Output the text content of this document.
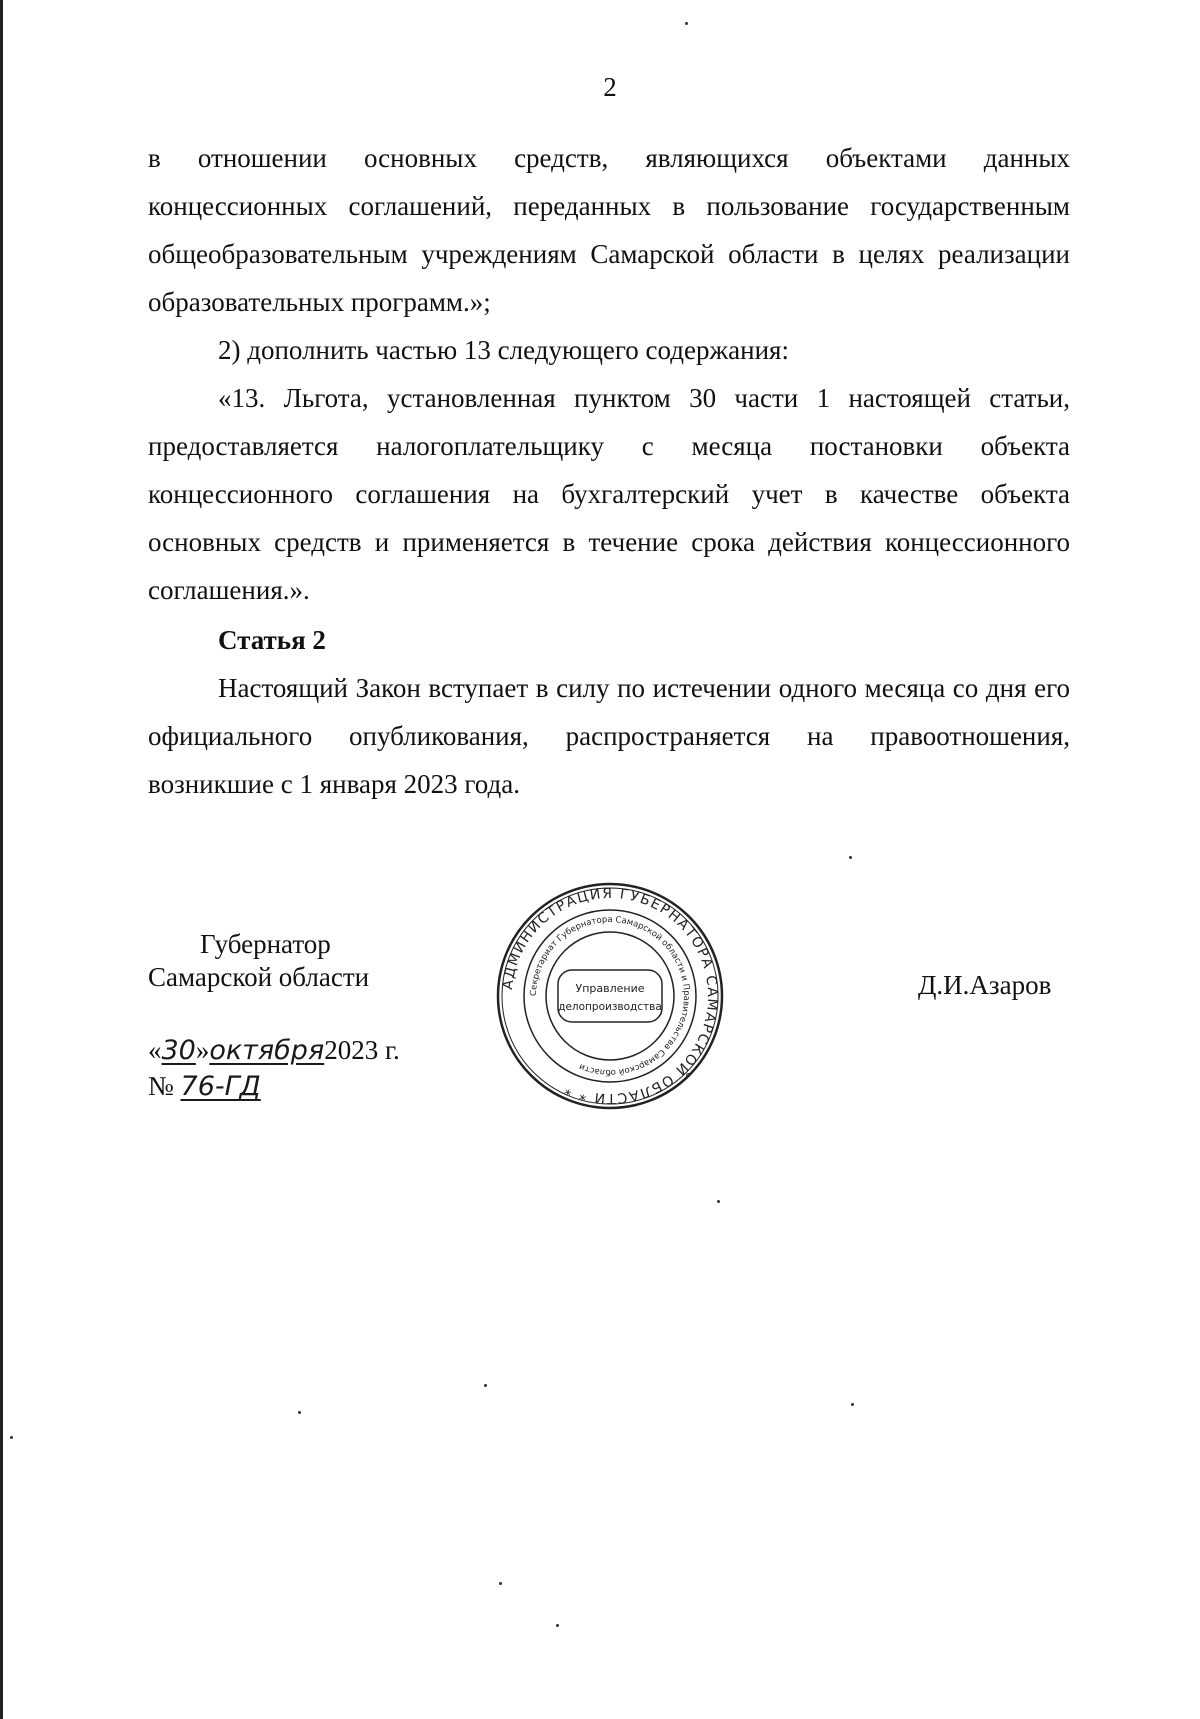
2

в отношении основных средств, являющихся объектами данных концессионных соглашений, переданных в пользование государственным общеобразовательным учреждениям Самарской области в целях реализации образовательных программ.»;

2) дополнить частью 13 следующего содержания:

«13. Льгота, установленная пунктом 30 части 1 настоящей статьи, предоставляется налогоплательщику с месяца постановки объекта концессионного соглашения на бухгалтерский учет в качестве объекта основных средств и применяется в течение срока действия концессионного соглашения.».

Статья 2

Настоящий Закон вступает в силу по истечении одного месяца со дня его официального опубликования, распространяется на правоотношения, возникшие с 1 января 2023 года.

Губернатор
Самарской области	АДМИНИСТРАЦИЯ ГУБЕРНАТОРА САМАРСКОЙ ОБЛАСТИ * *
Секретариат Губернатора Самарской области и Правительства Самарской области
Управление
делопроизводства
Д.И.Азаров
«30»октября2023 г.
№ 76-ГД
